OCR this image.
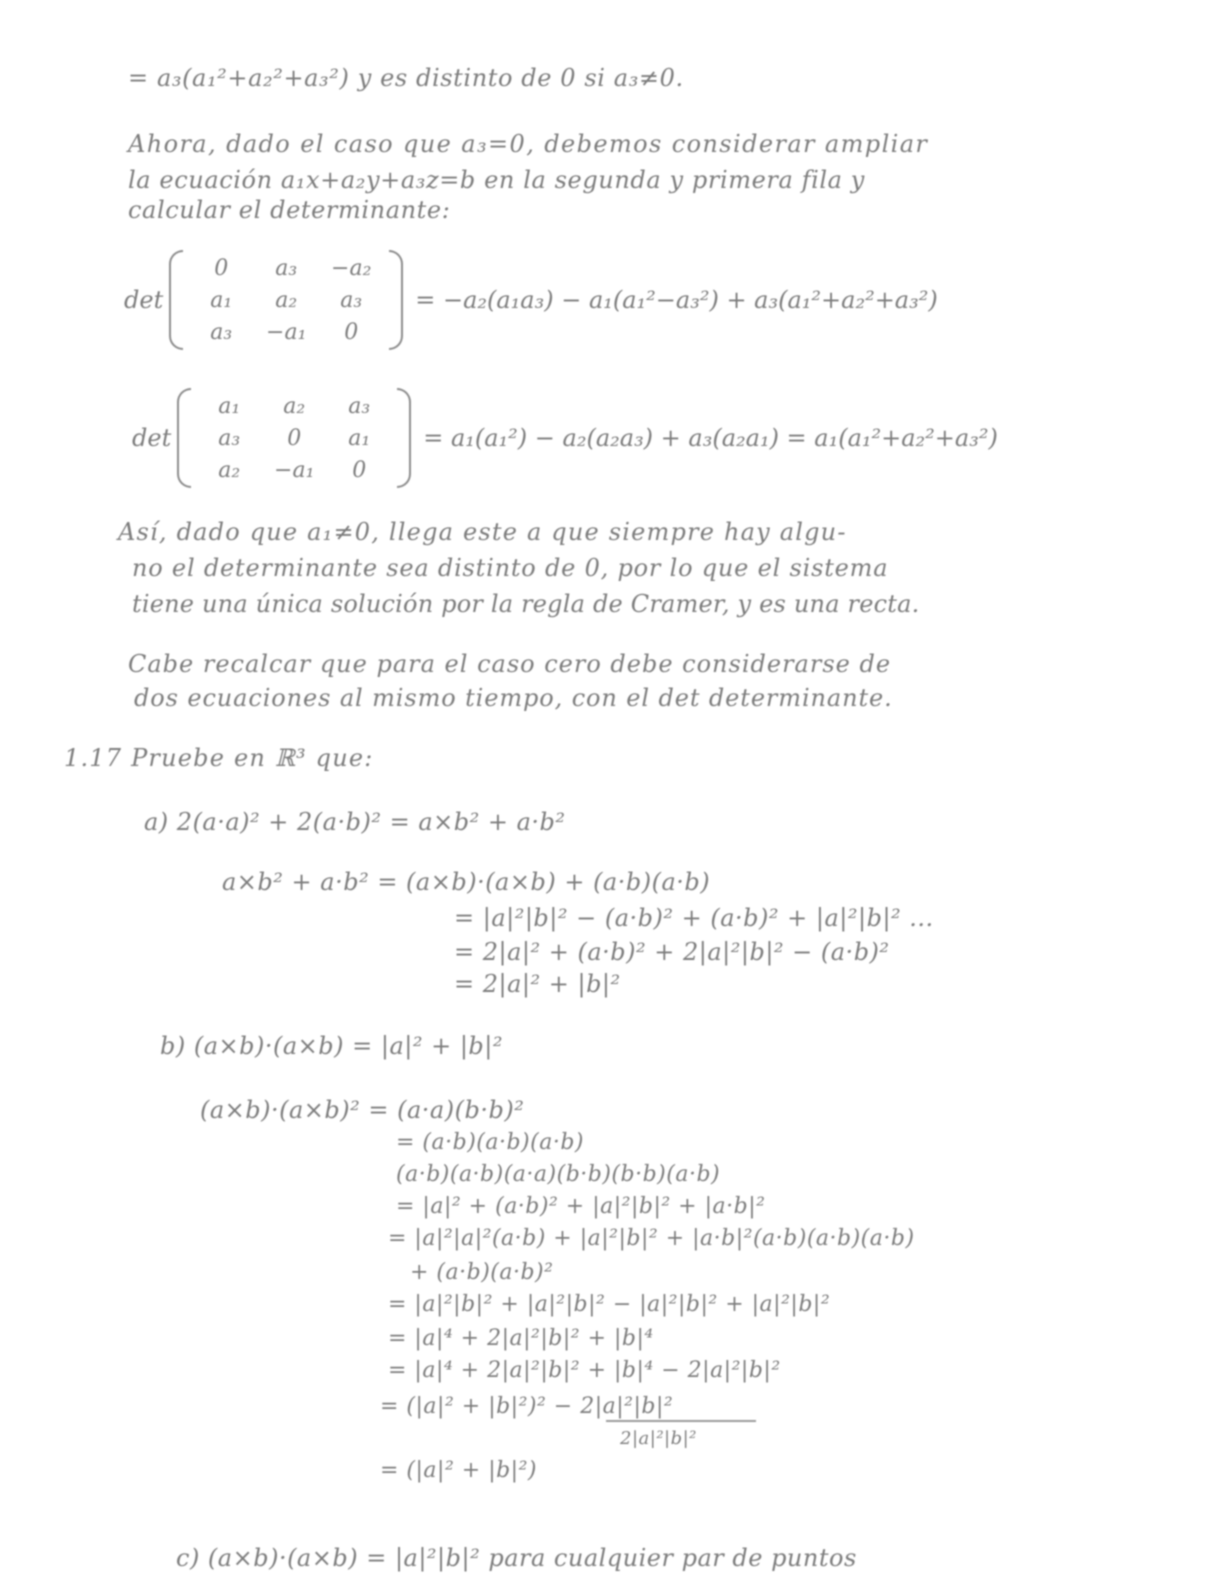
= a₃(a₁²+a₂²+a₃²) y es distinto de 0 si a₃≠0.
Ahora, dado el caso que a₃=0, debemos considerar ampliar
la ecuación a₁x+a₂y+a₃z=b en la segunda y primera fila y
calcular el determinante:
det
0	a₃	−a₂
a₁	a₂	a₃
a₃	−a₁	0
= −a₂(a₁a₃) − a₁(a₁²−a₃²) + a₃(a₁²+a₂²+a₃²)
det
a₁	a₂	a₃
a₃	0	a₁
a₂	−a₁	0
= a₁(a₁²) − a₂(a₂a₃) + a₃(a₂a₁) = a₁(a₁²+a₂²+a₃²)
Así, dado que a₁≠0, llega este a que siempre hay algu-
no el determinante sea distinto de 0, por lo que el sistema
tiene una única solución por la regla de Cramer, y es una recta.
Cabe recalcar que para el caso cero debe considerarse de
dos ecuaciones al mismo tiempo, con el det determinante.
1.17 Pruebe en ℝ³ que:
a) 2(a·a)² + 2(a·b)² = a×b² + a·b²
a×b² + a·b² = (a×b)·(a×b) + (a·b)(a·b)
= |a|²|b|² − (a·b)² + (a·b)² + |a|²|b|² ...
= 2|a|² + (a·b)² + 2|a|²|b|² − (a·b)²
= 2|a|² + |b|²
b) (a×b)·(a×b) = |a|² + |b|²
(a×b)·(a×b)² = (a·a)(b·b)²
= (a·b)(a·b)(a·b)
(a·b)(a·b)(a·a)(b·b)(b·b)(a·b)
= |a|² + (a·b)² + |a|²|b|² + |a·b|²
= |a|²|a|²(a·b) + |a|²|b|² + |a·b|²(a·b)(a·b)(a·b)
+ (a·b)(a·b)²
= |a|²|b|² + |a|²|b|² − |a|²|b|² + |a|²|b|²
= |a|⁴ + 2|a|²|b|² + |b|⁴
= |a|⁴ + 2|a|²|b|² + |b|⁴ − 2|a|²|b|²
= (|a|² + |b|²)² − 2|a|²|b|²
2|a|²|b|²
= (|a|² + |b|²)
c) (a×b)·(a×b) = |a|²|b|² para cualquier par de puntos
